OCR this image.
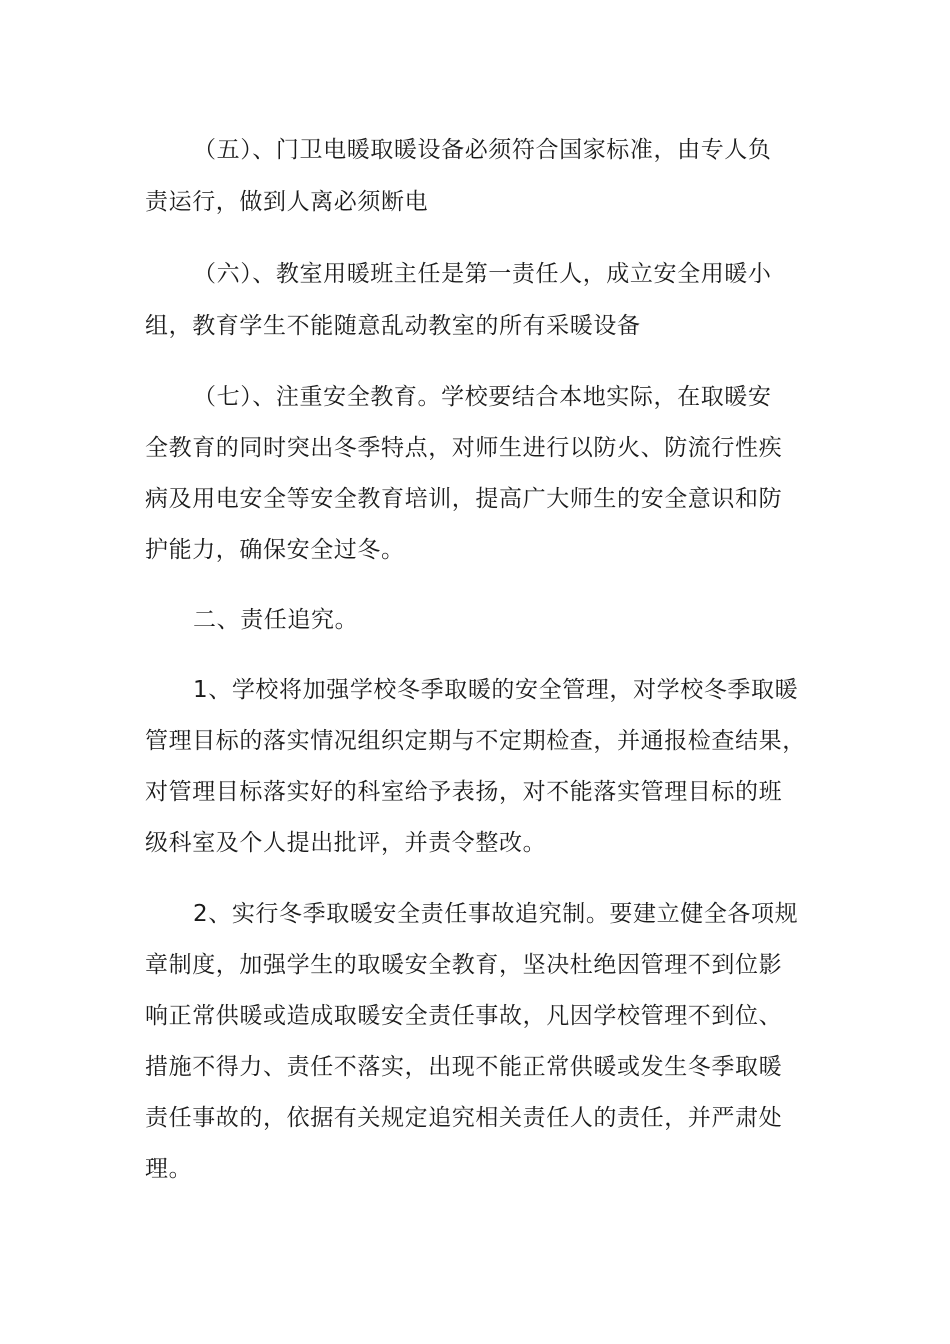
（五）、门卫电暖取暖设备必须符合国家标准，由专人负

责运行，做到人离必须断电

（六）、教室用暖班主任是第一责任人，成立安全用暖小

组，教育学生不能随意乱动教室的所有采暖设备

（七）、注重安全教育。学校要结合本地实际，在取暖安

全教育的同时突出冬季特点，对师生进行以防火、防流行性疾

病及用电安全等安全教育培训，提高广大师生的安全意识和防

护能力，确保安全过冬。

二、责任追究。

1、学校将加强学校冬季取暖的安全管理，对学校冬季取暖

管理目标的落实情况组织定期与不定期检查，并通报检查结果，

对管理目标落实好的科室给予表扬，对不能落实管理目标的班

级科室及个人提出批评，并责令整改。

2、实行冬季取暖安全责任事故追究制。要建立健全各项规

章制度，加强学生的取暖安全教育，坚决杜绝因管理不到位影

响正常供暖或造成取暖安全责任事故，凡因学校管理不到位、

措施不得力、责任不落实，出现不能正常供暖或发生冬季取暖

责任事故的，依据有关规定追究相关责任人的责任，并严肃处

理。
